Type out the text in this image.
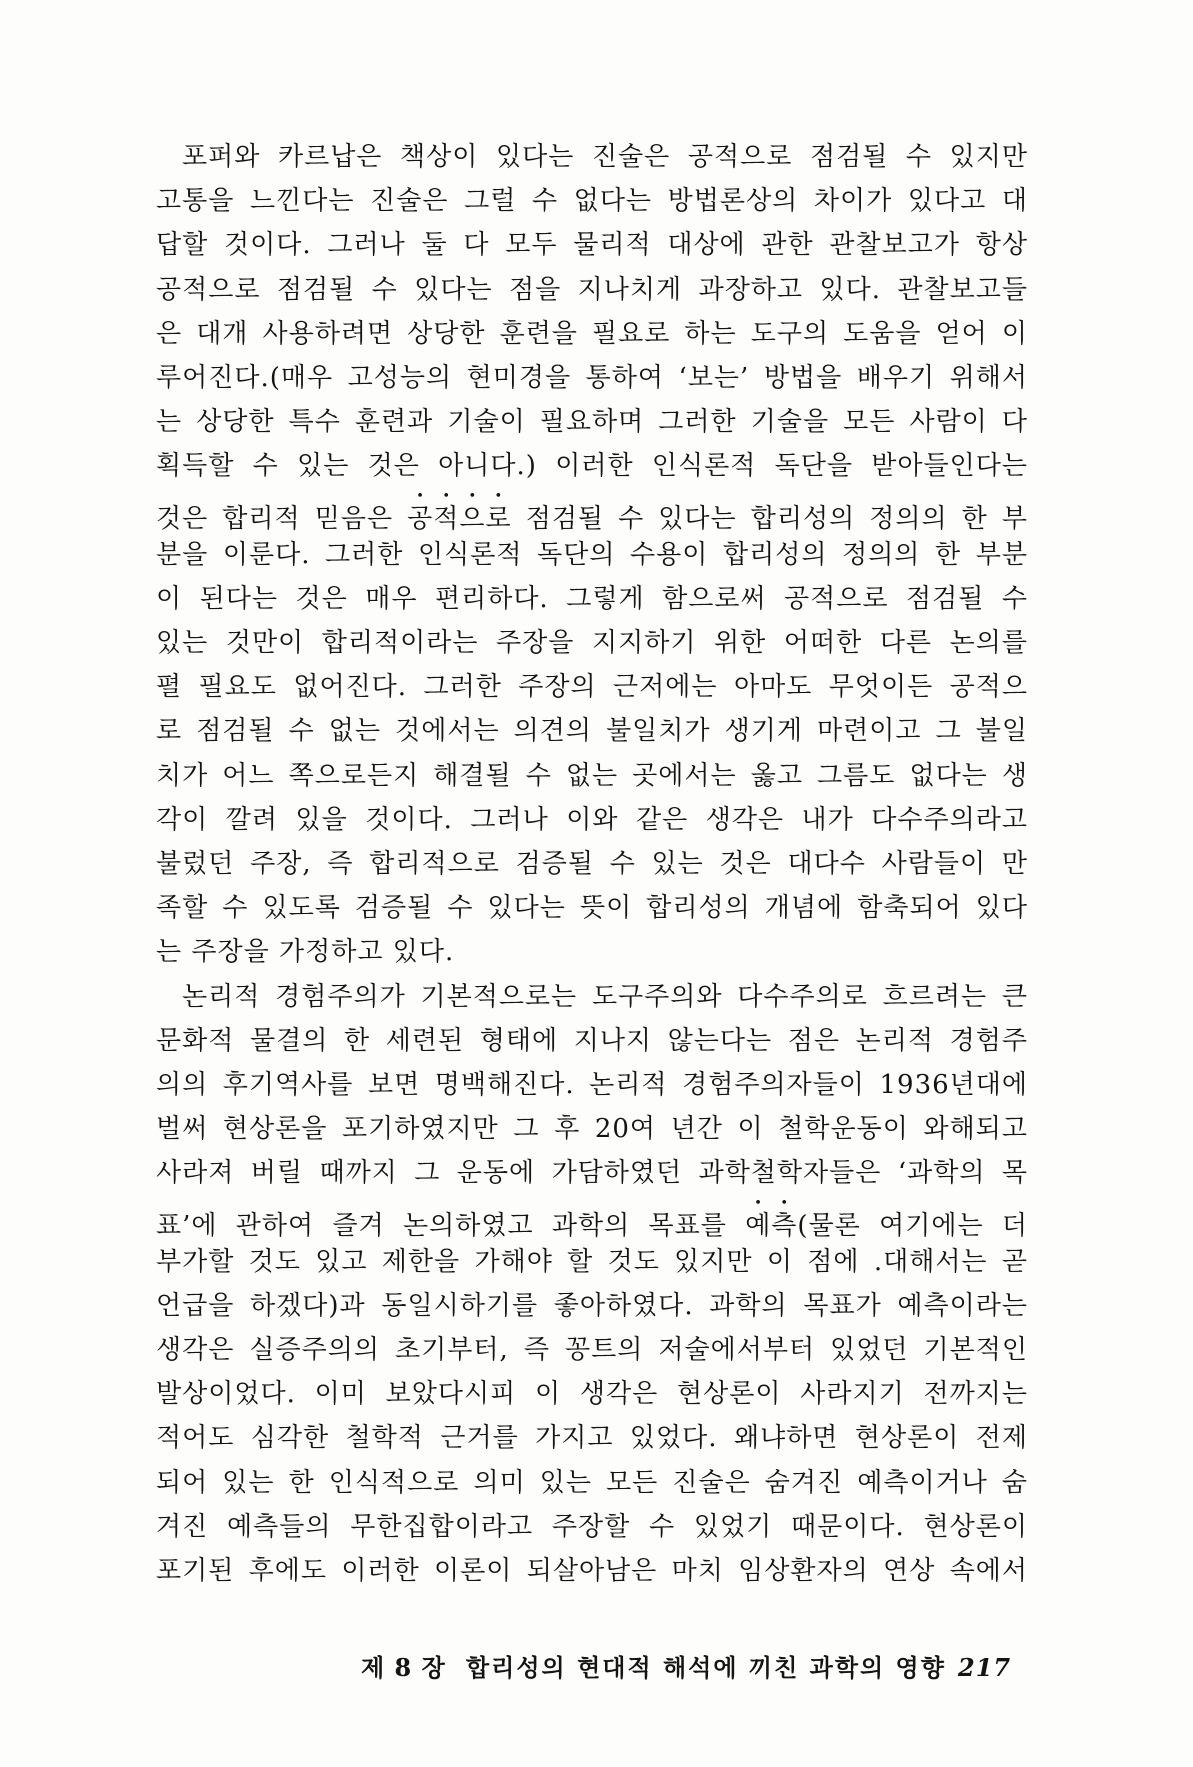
포퍼와 카르납은 책상이 있다는 진술은 공적으로 점검될 수 있지만
고통을 느낀다는 진술은 그럴 수 없다는 방법론상의 차이가 있다고 대
답할 것이다. 그러나 둘 다 모두 물리적 대상에 관한 관찰보고가 항상
공적으로 점검될 수 있다는 점을 지나치게 과장하고 있다. 관찰보고들
은 대개 사용하려면 상당한 훈련을 필요로 하는 도구의 도움을 얻어 이
루어진다.(매우 고성능의 현미경을 통하여 ‘보는’ 방법을 배우기 위해서
는 상당한 특수 훈련과 기술이 필요하며 그러한 기술을 모든 사람이 다
획득할 수 있는 것은 아니다.) 이러한 인식론적 독단을 받아들인다는
것은 합리적 믿음은 공적으로 점검될 수 있다는 합리성의 정의의 한 부
분을 이룬다. 그러한 인식론적 독단의 수용이 합리성의 정의의 한 부분
이 된다는 것은 매우 편리하다. 그렇게 함으로써 공적으로 점검될 수
있는 것만이 합리적이라는 주장을 지지하기 위한 어떠한 다른 논의를
펼 필요도 없어진다. 그러한 주장의 근저에는 아마도 무엇이든 공적으
로 점검될 수 없는 것에서는 의견의 불일치가 생기게 마련이고 그 불일
치가 어느 쪽으로든지 해결될 수 없는 곳에서는 옳고 그름도 없다는 생
각이 깔려 있을 것이다. 그러나 이와 같은 생각은 내가 다수주의라고
불렀던 주장, 즉 합리적으로 검증될 수 있는 것은 대다수 사람들이 만
족할 수 있도록 검증될 수 있다는 뜻이 합리성의 개념에 함축되어 있다
는 주장을 가정하고 있다.
논리적 경험주의가 기본적으로는 도구주의와 다수주의로 흐르려는 큰
문화적 물결의 한 세련된 형태에 지나지 않는다는 점은 논리적 경험주
의의 후기역사를 보면 명백해진다. 논리적 경험주의자들이 1936년대에
벌써 현상론을 포기하였지만 그 후 20여 년간 이 철학운동이 와해되고
사라져 버릴 때까지 그 운동에 가담하였던 과학철학자들은 ‘과학의 목
표’에 관하여 즐겨 논의하였고 과학의 목표를 예측(물론 여기에는 더
부가할 것도 있고 제한을 가해야 할 것도 있지만 이 점에 .대해서는 곧
언급을 하겠다)과 동일시하기를 좋아하였다. 과학의 목표가 예측이라는
생각은 실증주의의 초기부터, 즉 꽁트의 저술에서부터 있었던 기본적인
발상이었다. 이미 보았다시피 이 생각은 현상론이 사라지기 전까지는
적어도 심각한 철학적 근거를 가지고 있었다. 왜냐하면 현상론이 전제
되어 있는 한 인식적으로 의미 있는 모든 진술은 숨겨진 예측이거나 숨
겨진 예측들의 무한집합이라고 주장할 수 있었기 때문이다. 현상론이
포기된 후에도 이러한 이론이 되살아남은 마치 임상환자의 연상 속에서
제 8 장 합리성의 현대적 해석에 끼친 과학의 영향 217
